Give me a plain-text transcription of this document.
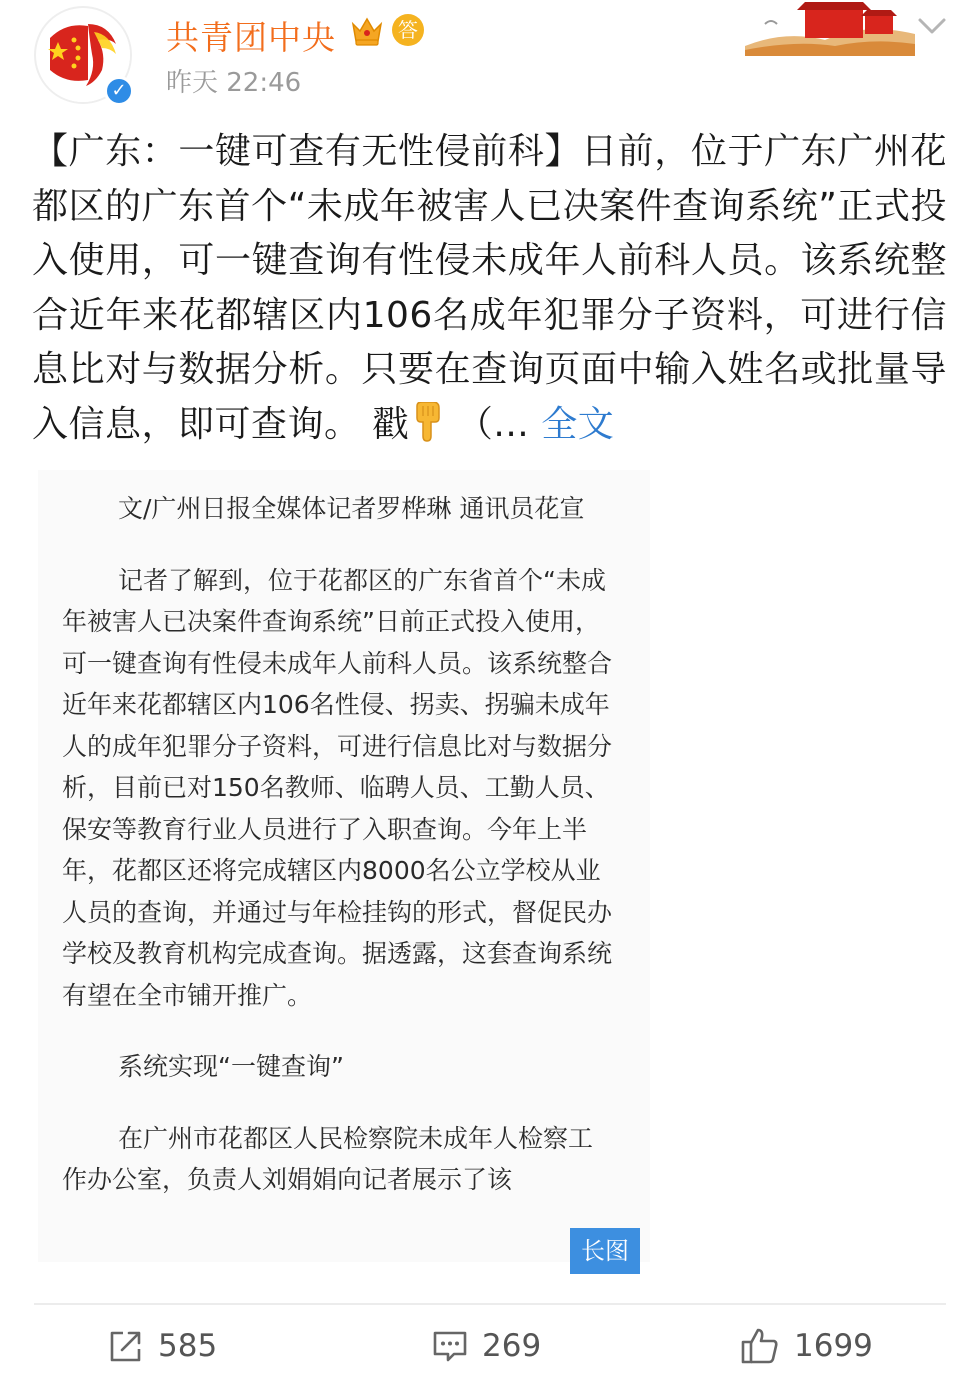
✓
共青团中央	答
昨天 22:46
【广东：一键可查有无性侵前科】日前，位于广东广州花都区的广东首个“未成年被害人已决案件查询系统”正式投入使用，可一键查询有性侵未成年人前科人员。该系统整合近年来花都辖区内106名成年犯罪分子资料，可进行信息比对与数据分析。只要在查询页面中输入姓名或批量导入信息，即可查询。 戳 （... 全文

文/广州日报全媒体记者罗桦琳 通讯员花宣

记者了解到，位于花都区的广东省首个“未成年被害人已决案件查询系统”日前正式投入使用，可一键查询有性侵未成年人前科人员。该系统整合近年来花都辖区内106名性侵、拐卖、拐骗未成年人的成年犯罪分子资料，可进行信息比对与数据分析，目前已对150名教师、临聘人员、工勤人员、保安等教育行业人员进行了入职查询。今年上半年，花都区还将完成辖区内8000名公立学校从业人员的查询，并通过与年检挂钩的形式，督促民办学校及教育机构完成查询。据透露，这套查询系统有望在全市铺开推广。

系统实现“一键查询”

在广州市花都区人民检察院未成年人检察工作办公室，负责人刘娟娟向记者展示了该

长图
585	269	1699
